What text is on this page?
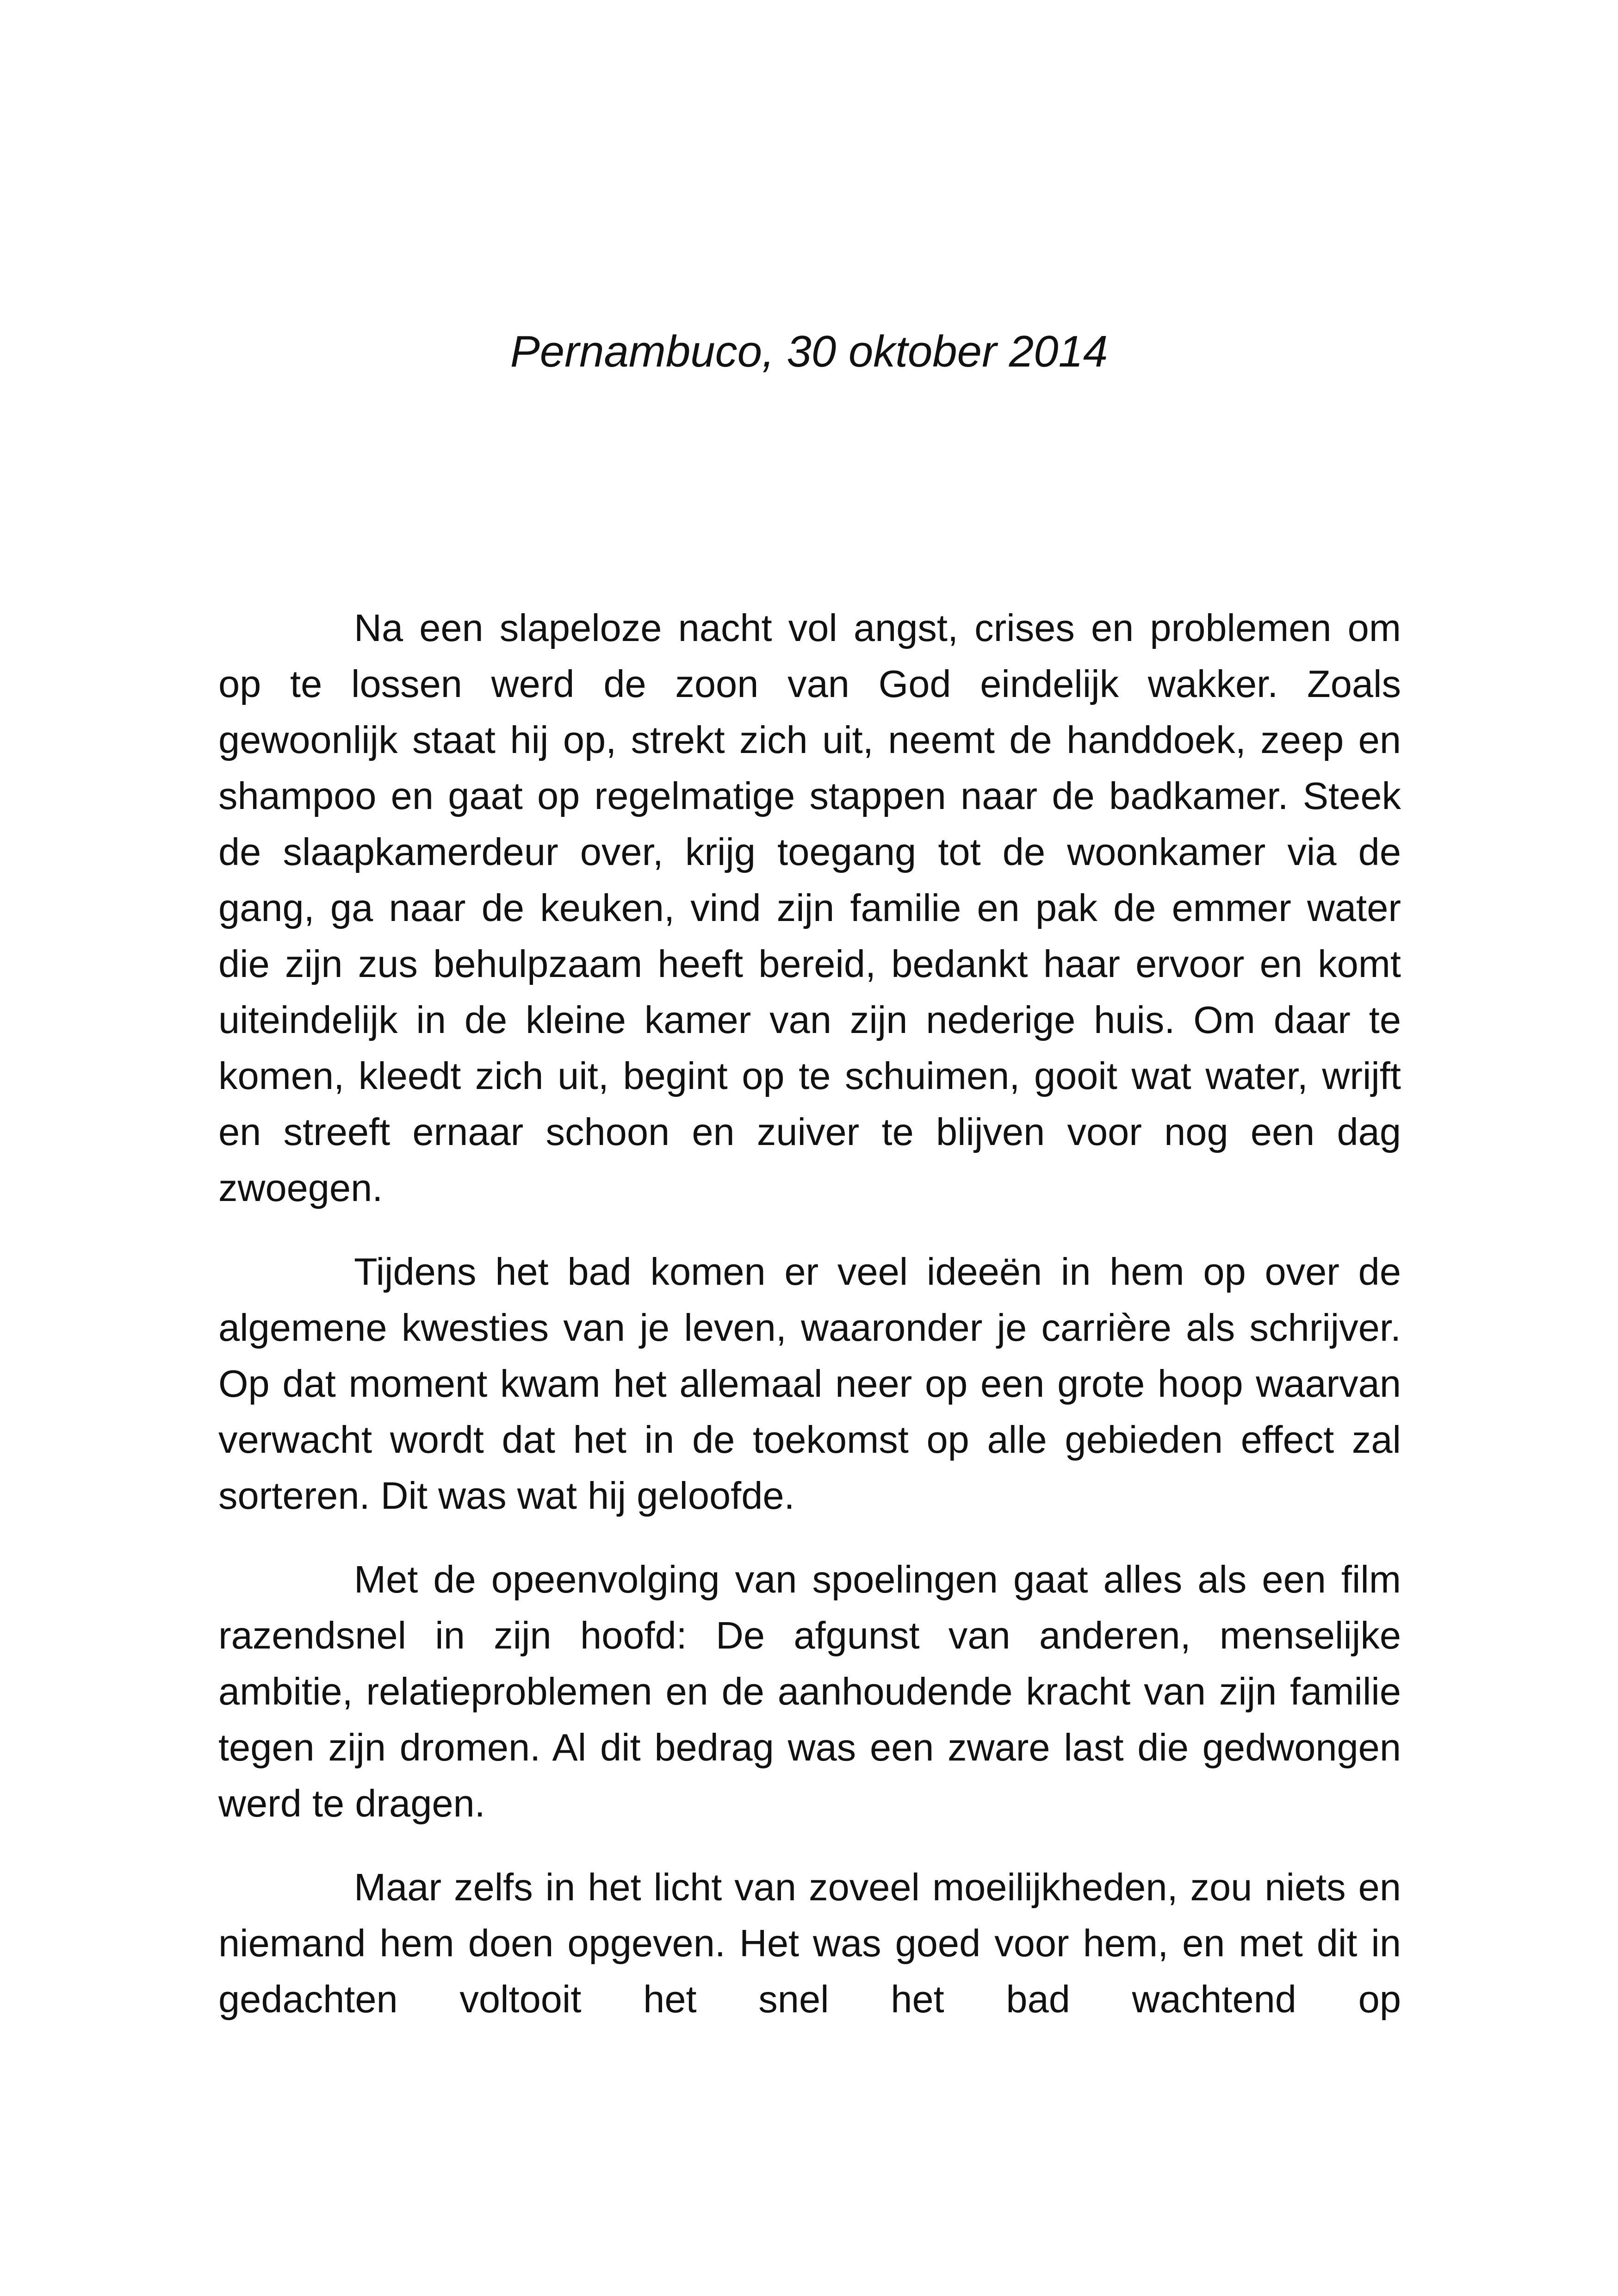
Pernambuco, 30 oktober 2014

Na een slapeloze nacht vol angst, crises en problemen om op te lossen werd de zoon van God eindelijk wakker. Zoals gewoonlijk staat hij op, strekt zich uit, neemt de handdoek, zeep en shampoo en gaat op regelmatige stappen naar de badkamer. Steek de slaapkamerdeur over, krijg toegang tot de woonkamer via de gang, ga naar de keuken, vind zijn familie en pak de emmer water die zijn zus behulpzaam heeft bereid, bedankt haar ervoor en komt uiteindelijk in de kleine kamer van zijn nederige huis. Om daar te komen, kleedt zich uit, begint op te schuimen, gooit wat water, wrijft en streeft ernaar schoon en zuiver te blijven voor nog een dag zwoegen.

Tijdens het bad komen er veel ideeën in hem op over de algemene kwesties van je leven, waaronder je carrière als schrijver. Op dat moment kwam het allemaal neer op een grote hoop waarvan verwacht wordt dat het in de toekomst op alle gebieden effect zal sorteren. Dit was wat hij geloofde.

Met de opeenvolging van spoelingen gaat alles als een film razendsnel in zijn hoofd: De afgunst van anderen, menselijke ambitie, relatieproblemen en de aanhoudende kracht van zijn familie tegen zijn dromen. Al dit bedrag was een zware last die gedwongen werd te dragen.

Maar zelfs in het licht van zoveel moeilijkheden, zou niets en niemand hem doen opgeven. Het was goed voor hem, en met dit in gedachten voltooit het snel het bad wachtend op
